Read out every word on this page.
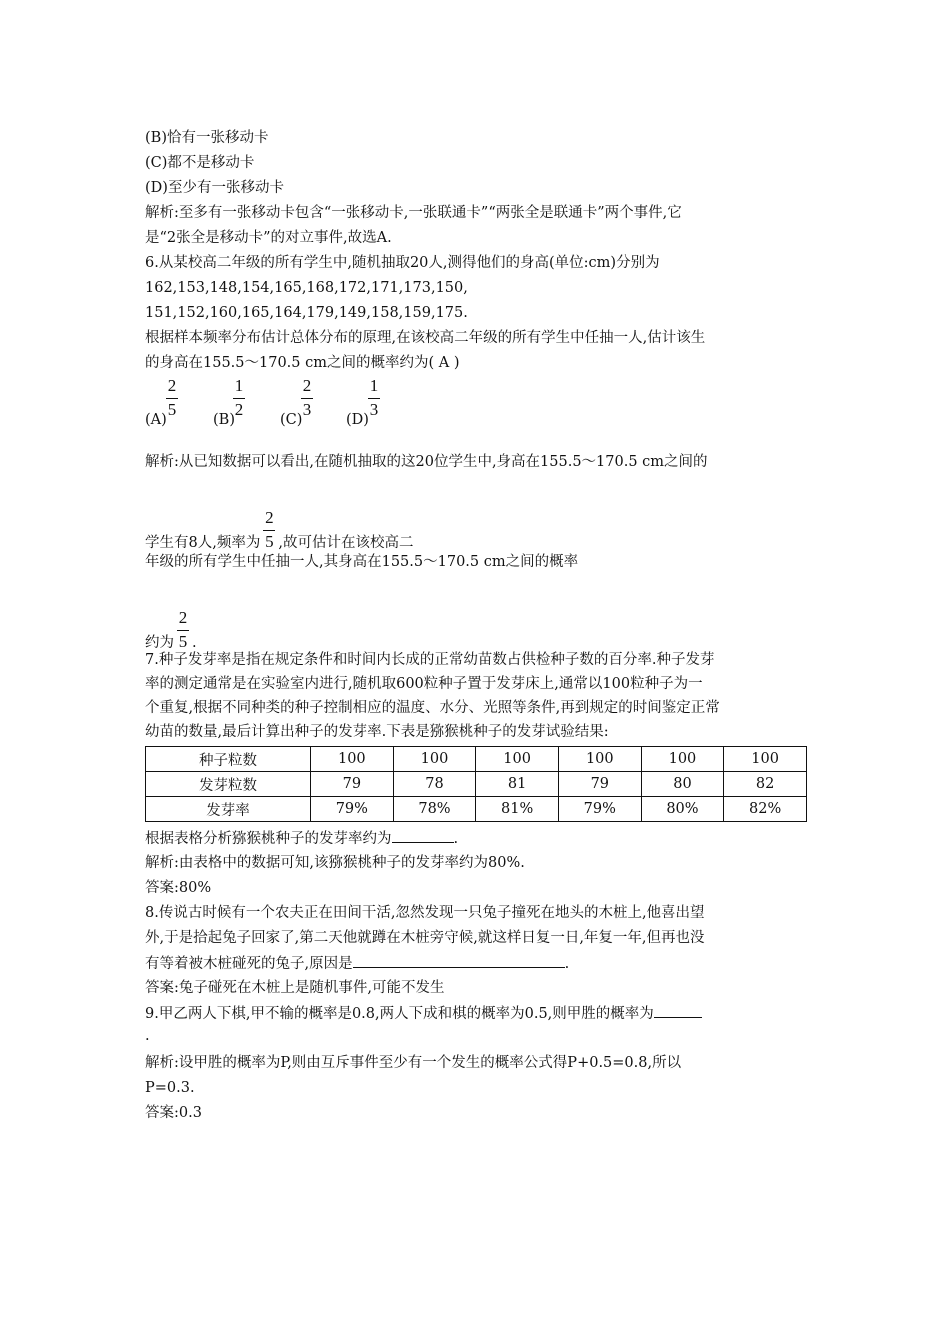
(B)恰有一张移动卡
(C)都不是移动卡
(D)至少有一张移动卡
解析:至多有一张移动卡包含“一张移动卡,一张联通卡”“两张全是联通卡”两个事件,它
是“2张全是移动卡”的对立事件,故选A.
6.从某校高二年级的所有学生中,随机抽取20人,测得他们的身高(单位:cm)分别为
162,153,148,154,165,168,172,171,173,150,
151,152,160,165,164,179,149,158,159,175.
根据样本频率分布估计总体分布的原理,在该校高二年级的所有学生中任抽一人,估计该生
的身高在155.5～170.5 cm之间的概率约为( A )
(A)
2
5
(B)
1
2
(C)
2
3
(D)
1
3
解析:从已知数据可以看出,在随机抽取的这20位学生中,身高在155.5～170.5 cm之间的
学生有8人,频率为 $\frac{2}{5}$ ,故可估计在该校高二
年级的所有学生中任抽一人,其身高在155.5～170.5 cm之间的概率
约为 $\frac{2}{5}$ .
7.种子发芽率是指在规定条件和时间内长成的正常幼苗数占供检种子数的百分率.种子发芽
率的测定通常是在实验室内进行,随机取600粒种子置于发芽床上,通常以100粒种子为一
个重复,根据不同种类的种子控制相应的温度、水分、光照等条件,再到规定的时间鉴定正常
幼苗的数量,最后计算出种子的发芽率.下表是猕猴桃种子的发芽试验结果:
种子粒数	100	100	100	100	100	100
发芽粒数	79	78	81	79	80	82
发芽率	79%	78%	81%	79%	80%	82%
根据表格分析猕猴桃种子的发芽率约为	.
解析:由表格中的数据可知,该猕猴桃种子的发芽率约为80%.
答案:80%
8.传说古时候有一个农夫正在田间干活,忽然发现一只兔子撞死在地头的木桩上,他喜出望
外,于是拾起兔子回家了,第二天他就蹲在木桩旁守候,就这样日复一日,年复一年,但再也没
有等着被木桩碰死的兔子,原因是	.
答案:兔子碰死在木桩上是随机事件,可能不发生
9.甲乙两人下棋,甲不输的概率是0.8,两人下成和棋的概率为0.5,则甲胜的概率为
.
解析:设甲胜的概率为P,则由互斥事件至少有一个发生的概率公式得P+0.5=0.8,所以
P=0.3.
答案:0.3
